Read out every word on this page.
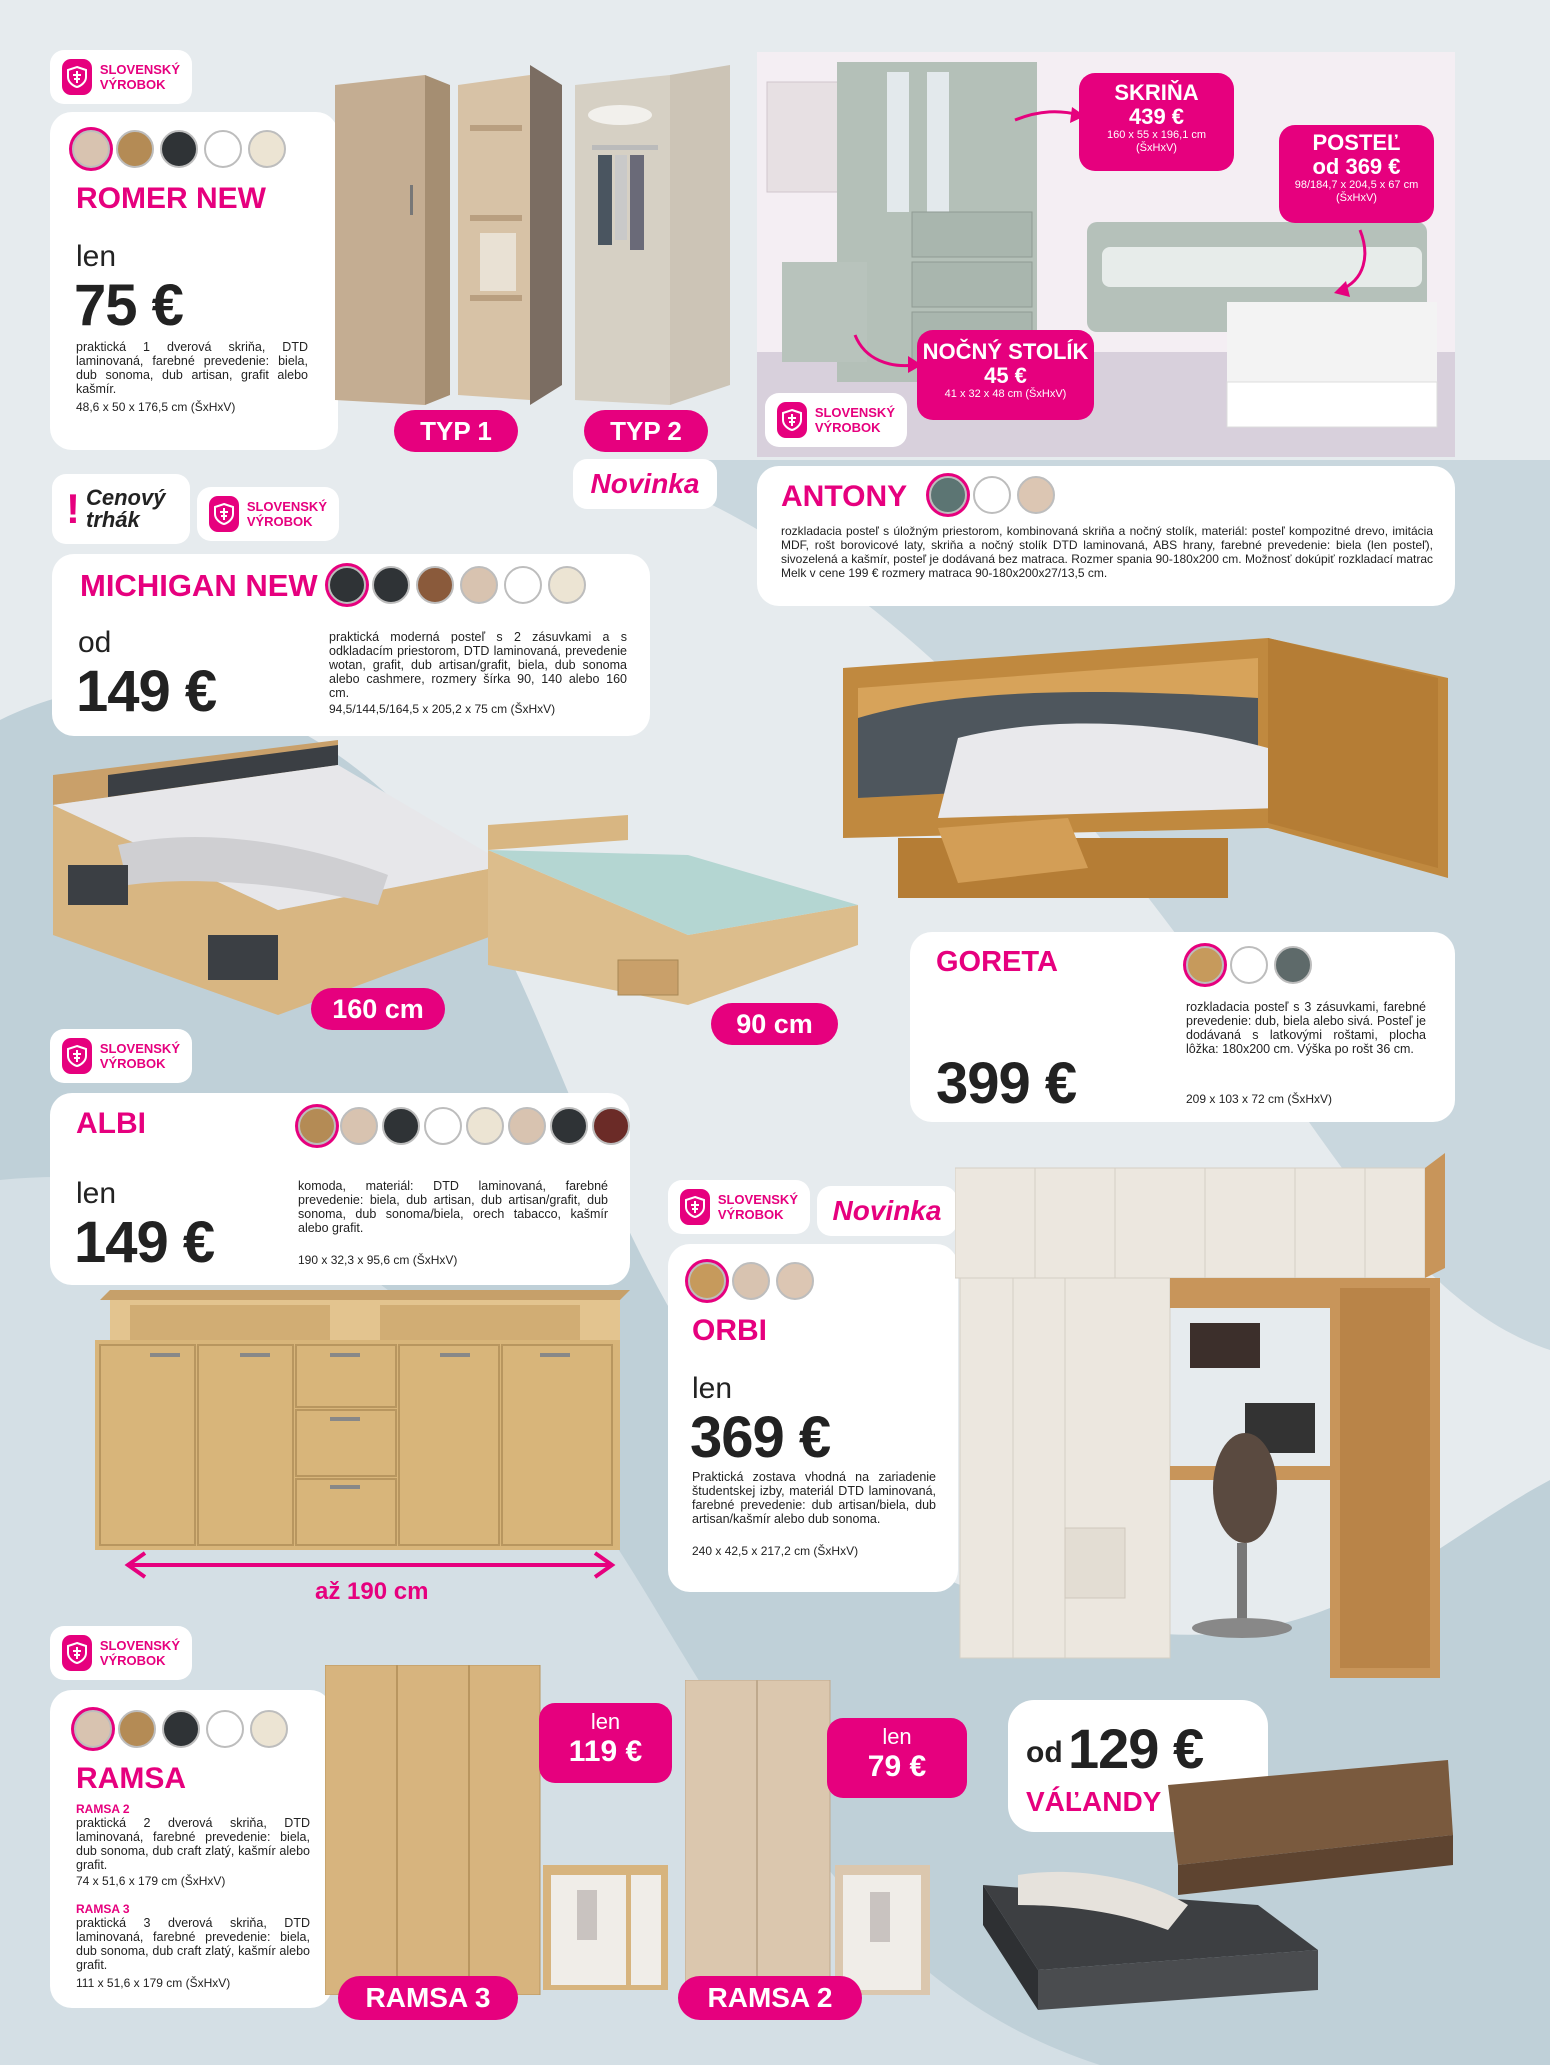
SLOVENSKÝ
VÝROBOK
ROMER NEW
len
75 €
praktická 1 dverová skriňa, DTD laminovaná, farebné prevedenie: biela, dub sonoma, dub artisan, grafit alebo kašmír.
48,6 x 50 x 176,5 cm (ŠxHxV)
TYP 1	TYP 2
Novinka
SKRIŇA
439 €
160 x 55 x 196,1 cm
(ŠxHxV)	POSTEĽ
od 369 €
98/184,7 x 204,5 x 67 cm
(ŠxHxV)
NOČNÝ STOLÍK
45 €
41 x 32 x 48 cm (ŠxHxV)
SLOVENSKÝ
VÝROBOK
ANTONY
rozkladacia posteľ s úložným priestorom, kombinovaná skriňa a nočný stolík, materiál: posteľ kompozitné drevo, imitácia MDF, rošt borovicové laty, skriňa a nočný stolík DTD laminovaná, ABS hrany, farebné prevedenie: biela (len posteľ), sivozelená a kašmír, posteľ je dodávaná bez matraca. Rozmer spania 90-180x200 cm. Možnosť dokúpiť rozkladací matrac Melk v cene 199 € rozmery matraca 90-180x200x27/13,5 cm.
! Cenový
trhák
SLOVENSKÝ
VÝROBOK
MICHIGAN NEW
od
149 €
praktická moderná posteľ s 2 zásuvkami a s odkladacím priestorom, DTD laminovaná, prevedenie wotan, grafit, dub artisan/grafit, biela, dub sonoma alebo cashmere, rozmery šírka 90, 140 alebo 160 cm.
94,5/144,5/164,5 x 205,2 x 75 cm (ŠxHxV)
160 cm	90 cm
GORETA
399 €
rozkladacia posteľ s 3 zásuvkami, farebné prevedenie: dub, biela alebo sivá. Posteľ je dodávaná s latkovými roštami, plocha lôžka: 180x200 cm. Výška po rošt 36 cm.
209 x 103 x 72 cm (ŠxHxV)
SLOVENSKÝ
VÝROBOK
ALBI
len
149 €
komoda, materiál: DTD laminovaná, farebné prevedenie: biela, dub artisan, dub artisan/grafit, dub sonoma, dub sonoma/biela, orech tabacco, kašmír alebo grafit.
190 x 32,3 x 95,6 cm (ŠxHxV)
až 190 cm
SLOVENSKÝ
VÝROBOK	Novinka
ORBI
len
369 €
Praktická zostava vhodná na zariadenie študentskej izby, materiál DTD laminovaná, farebné prevedenie: dub artisan/biela, dub artisan/kašmír alebo dub sonoma.
240 x 42,5 x 217,2 cm (ŠxHxV)
SLOVENSKÝ
VÝROBOK
RAMSA
RAMSA 2
praktická 2 dverová skriňa, DTD laminovaná, farebné prevedenie: biela, dub sonoma, dub craft zlatý, kašmír alebo grafit.
74 x 51,6 x 179 cm (ŠxHxV)
RAMSA 3
praktická 3 dverová skriňa, DTD laminovaná, farebné prevedenie: biela, dub sonoma, dub craft zlatý, kašmír alebo grafit.
111 x 51,6 x 179 cm (ŠxHxV)
len
119 €	len
79 €
RAMSA 3	RAMSA 2
od 129 €
VÁĽANDY
